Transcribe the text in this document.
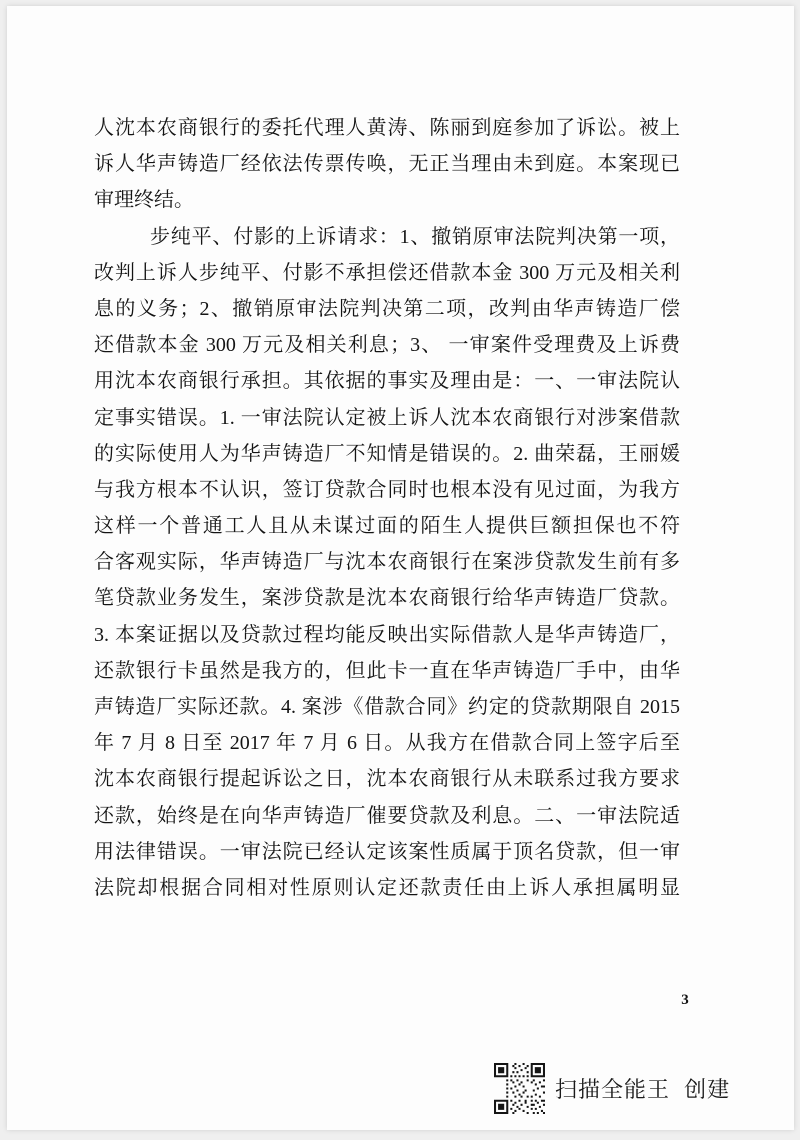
人沈本农商银行的委托代理人黄涛、陈丽到庭参加了诉讼。被上
诉人华声铸造厂经依法传票传唤，无正当理由未到庭。本案现已
审理终结。
步纯平、付影的上诉请求：1、撤销原审法院判决第一项，
改判上诉人步纯平、付影不承担偿还借款本金 300 万元及相关利
息的义务；2、撤销原审法院判决第二项，改判由华声铸造厂偿
还借款本金 300 万元及相关利息；3、 一审案件受理费及上诉费
用沈本农商银行承担。其依据的事实及理由是：一、一审法院认
定事实错误。1. 一审法院认定被上诉人沈本农商银行对涉案借款
的实际使用人为华声铸造厂不知情是错误的。2. 曲荣磊，王丽媛
与我方根本不认识，签订贷款合同时也根本没有见过面，为我方
这样一个普通工人且从未谋过面的陌生人提供巨额担保也不符
合客观实际，华声铸造厂与沈本农商银行在案涉贷款发生前有多
笔贷款业务发生，案涉贷款是沈本农商银行给华声铸造厂贷款。
3. 本案证据以及贷款过程均能反映出实际借款人是华声铸造厂，
还款银行卡虽然是我方的，但此卡一直在华声铸造厂手中，由华
声铸造厂实际还款。4. 案涉《借款合同》约定的贷款期限自 2015
年 7 月 8 日至 2017 年 7 月 6 日。从我方在借款合同上签字后至
沈本农商银行提起诉讼之日，沈本农商银行从未联系过我方要求
还款，始终是在向华声铸造厂催要贷款及利息。二、一审法院适
用法律错误。一审法院已经认定该案性质属于顶名贷款，但一审
法院却根据合同相对性原则认定还款责任由上诉人承担属明显
3
扫描全能王 创建
